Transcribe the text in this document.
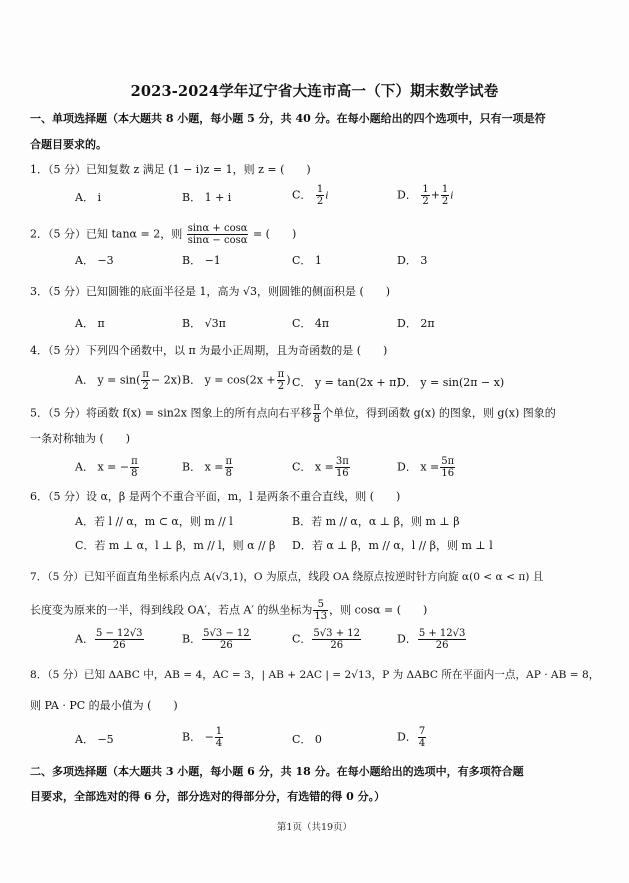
2023-2024学年辽宁省大连市高一（下）期末数学试卷
一、单项选择题（本大题共 8 小题，每小题 5 分，共 40 分。在每小题给出的四个选项中，只有一项是符
合题目要求的。
1．（5 分）已知复数 z 满足 (1 − i)z = 1，则 z = (　　)
A． i	B． 1 + i	C． $\frac{1}{2}$ i	D． $\frac{1}{2} + \frac{1}{2}$ i
2．（5 分）已知 tanα = 2，则 $\frac{\sin\alpha + \cos\alpha}{\sin\alpha - \cos\alpha}$ = (　　)
A． −3	B． −1	C． 1	D． 3
3．（5 分）已知圆锥的底面半径是 1，高为 √3，则圆锥的侧面积是 (　　)
A． π	B． √3π	C． 4π	D． 2π
4．（5 分）下列四个函数中，以 π 为最小正周期，且为奇函数的是 (　　)
A． $y = \sin( \frac{\pi}{2} - 2x)$ B． $y = \cos(2x + \frac{\pi}{2}$ ) C． y = tan(2x + π)
D． y = sin(2π − x)
5．（5 分）将函数 f(x) = sin2x 图象上的所有点向右平移 $\frac{\pi}{8}$ 个单位，得到函数 g(x) 的图象，则 g(x) 图象的
一条对称轴为 (　　)
A． x = − $\frac{\pi}{8}$	B． $x = \frac{\pi}{8}$	C． $x = \frac{3\pi}{16}$	D． $x = \frac{5\pi}{16}$
6．（5 分）设 α，β 是两个不重合平面，m，l 是两条不重合直线，则 (　　)
A．若 l // α，m ⊂ α，则 m // l	B．若 m // α，α ⊥ β，则 m ⊥ β
C．若 m ⊥ α，l ⊥ β，m // l，则 α // β D．若 α ⊥ β，m // α，l // β，则 m ⊥ l
7．（5 分）已知平面直角坐标系内点 A(√3,1)，O 为原点，线段 OA 绕原点按逆时针方向旋 α(0 < α < π) 且
长度变为原来的一半，得到线段 OA′，若点 A′ 的纵坐标为 $\frac{5}{13}$ ，则 cosα = (　　)
A． $\frac{5 - 12√3}{26}$	B． $\frac{5√3 - 12}{26}$	C． $\frac{5√3 + 12}{26}$	D． $\frac{5 + 12√3}{26}$
8．（5 分）已知 ΔABC 中，AB = 4，AC = 3，| AB + 2AC | = 2√13，P 为 ΔABC 所在平面内一点，AP · AB = 8，
则 PA · PC 的最小值为 (　　)
A． −5	B． − $\frac{1}{4}$	C． 0	D． $\frac{7}{4}$
二、多项选择题（本大题共 3 小题，每小题 6 分，共 18 分。在每小题给出的选项中，有多项符合题
目要求，全部选对的得 6 分，部分选对的得部分分，有选错的得 0 分。）
第1页（共19页）
